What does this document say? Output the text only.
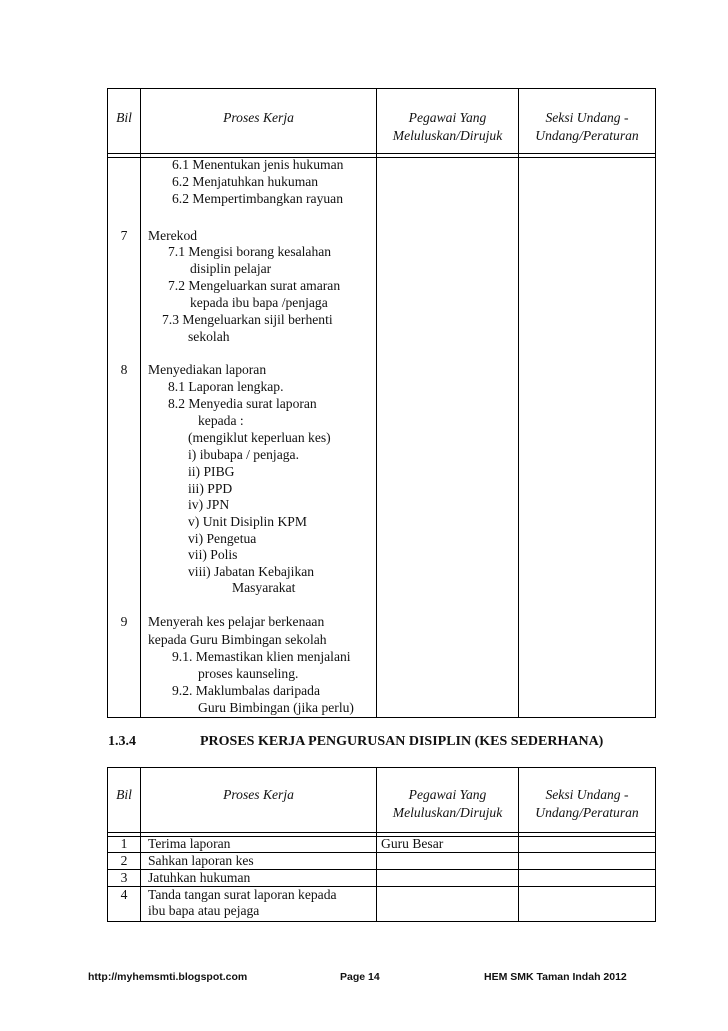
Bil	Proses Kerja	Pegawai Yang
Meluluskan/Dirujuk
Seksi Undang -
Undang/Peraturan
6.1 Menentukan jenis hukuman
6.2 Menjatuhkan hukuman
6.2 Mempertimbangkan rayuan
7	Merekod
7.1 Mengisi borang kesalahan
disiplin pelajar
7.2 Mengeluarkan surat amaran
kepada ibu bapa /penjaga
7.3 Mengeluarkan sijil berhenti
sekolah
8	Menyediakan laporan
8.1 Laporan lengkap.
8.2 Menyedia surat laporan
kepada :
(mengiklut keperluan kes)
i) ibubapa / penjaga.
ii) PIBG
iii) PPD
iv) JPN
v) Unit Disiplin KPM
vi) Pengetua
vii) Polis
viii) Jabatan Kebajikan
Masyarakat
9	Menyerah kes pelajar berkenaan
kepada Guru Bimbingan sekolah
9.1. Memastikan klien menjalani
proses kaunseling.
9.2. Maklumbalas daripada
Guru Bimbingan (jika perlu)
1.3.4	PROSES KERJA PENGURUSAN DISIPLIN (KES SEDERHANA)
Bil	Proses Kerja	Pegawai Yang
Meluluskan/Dirujuk
Seksi Undang -
Undang/Peraturan
1	Terima laporan	Guru Besar
2	Sahkan laporan kes
3	Jatuhkan hukuman
4	Tanda tangan surat laporan kepada
ibu bapa atau pejaga
http://myhemsmti.blogspot.com	Page 14	HEM SMK Taman Indah 2012
